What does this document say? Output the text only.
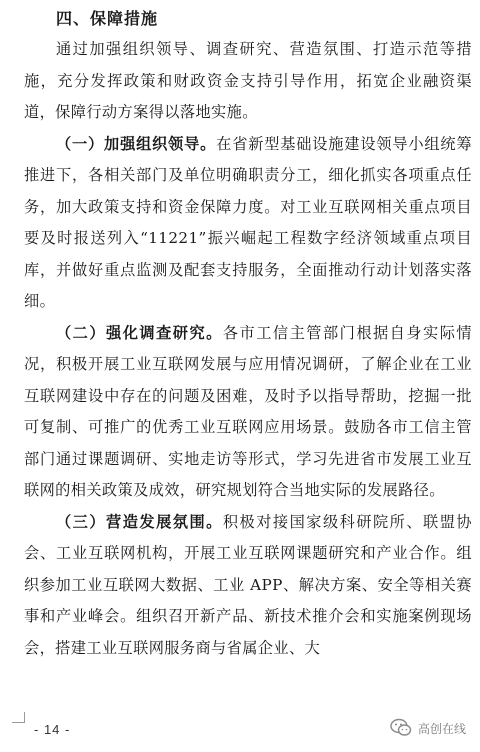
四、保障措施

通过加强组织领导、调查研究、营造氛围、打造示范等措施，充分发挥政策和财政资金支持引导作用，拓宽企业融资渠道，保障行动方案得以落地实施。

（一）加强组织领导。在省新型基础设施建设领导小组统筹推进下，各相关部门及单位明确职责分工，细化抓实各项重点任务，加大政策支持和资金保障力度。对工业互联网相关重点项目要及时报送列入“11221”振兴崛起工程数字经济领域重点项目库，并做好重点监测及配套支持服务，全面推动行动计划落实落细。

（二）强化调查研究。各市工信主管部门根据自身实际情况，积极开展工业互联网发展与应用情况调研，了解企业在工业互联网建设中存在的问题及困难，及时予以指导帮助，挖掘一批可复制、可推广的优秀工业互联网应用场景。鼓励各市工信主管部门通过课题调研、实地走访等形式，学习先进省市发展工业互联网的相关政策及成效，研究规划符合当地实际的发展路径。

（三）营造发展氛围。积极对接国家级科研院所、联盟协会、工业互联网机构，开展工业互联网课题研究和产业合作。组织参加工业互联网大数据、工业 APP、解决方案、安全等相关赛事和产业峰会。组织召开新产品、新技术推介会和实施案例现场会，搭建工业互联网服务商与省属企业、大

- 14 -	高创在线
